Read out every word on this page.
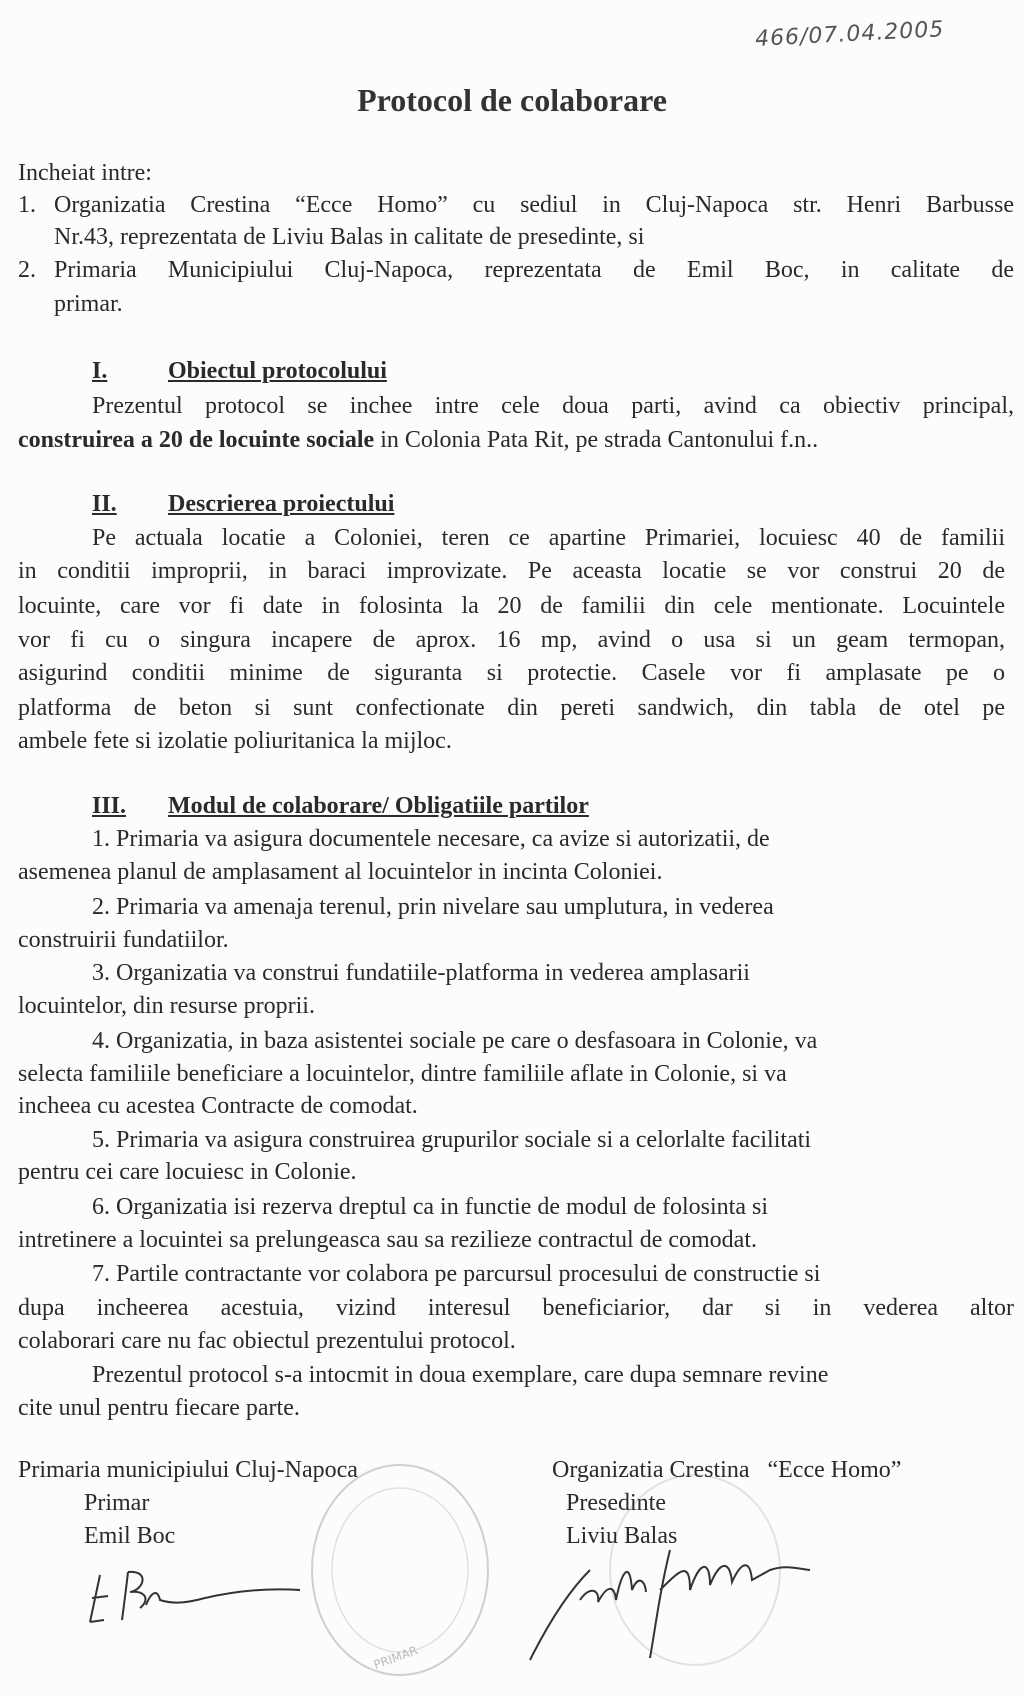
466/07.04.2005
Protocol de colaborare
PRIMAR
Incheiat intre:
1. Organizatia Crestina “Ecce Homo” cu sediul in Cluj-Napoca str. Henri Barbusse
Nr.43, reprezentata de Liviu Balas in calitate de presedinte, si
2. Primaria Municipiului Cluj-Napoca, reprezentata de Emil Boc, in calitate de
primar.
I.	Obiectul protocolului
Prezentul protocol se inchee intre cele doua parti, avind ca obiectiv principal,
construirea a 20 de locuinte sociale in Colonia Pata Rit, pe strada Cantonului f.n..
II. Descrierea proiectului
Pe actuala locatie a Coloniei, teren ce apartine Primariei, locuiesc 40 de familii
in conditii improprii, in baraci improvizate. Pe aceasta locatie se vor construi 20 de
locuinte, care vor fi date in folosinta la 20 de familii din cele mentionate. Locuintele
vor fi cu o singura incapere de aprox. 16 mp, avind o usa si un geam termopan,
asigurind conditii minime de siguranta si protectie. Casele vor fi amplasate pe o
platforma de beton si sunt confectionate din pereti sandwich, din tabla de otel pe
ambele fete si izolatie poliuritanica la mijloc.
III. Modul de colaborare/ Obligatiile partilor
1. Primaria va asigura documentele necesare, ca avize si autorizatii, de
asemenea planul de amplasament al locuintelor in incinta Coloniei.
2. Primaria va amenaja terenul, prin nivelare sau umplutura, in vederea
construirii fundatiilor.
3. Organizatia va construi fundatiile-platforma in vederea amplasarii
locuintelor, din resurse proprii.
4. Organizatia, in baza asistentei sociale pe care o desfasoara in Colonie, va
selecta familiile beneficiare a locuintelor, dintre familiile aflate in Colonie, si va
incheea cu acestea Contracte de comodat.
5. Primaria va asigura construirea grupurilor sociale si a celorlalte facilitati
pentru cei care locuiesc in Colonie.
6. Organizatia isi rezerva dreptul ca in functie de modul de folosinta si
intretinere a locuintei sa prelungeasca sau sa rezilieze contractul de comodat.
7. Partile contractante vor colabora pe parcursul procesului de constructie si
dupa incheerea acestuia, vizind interesul beneficiarior, dar si in vederea altor
colaborari care nu fac obiectul prezentului protocol.
Prezentul protocol s-a intocmit in doua exemplare, care dupa semnare revine
cite unul pentru fiecare parte.
Primaria municipiului Cluj-Napoca
Primar
Emil Boc
Organizatia Crestina   “Ecce Homo”
Presedinte
Liviu Balas
